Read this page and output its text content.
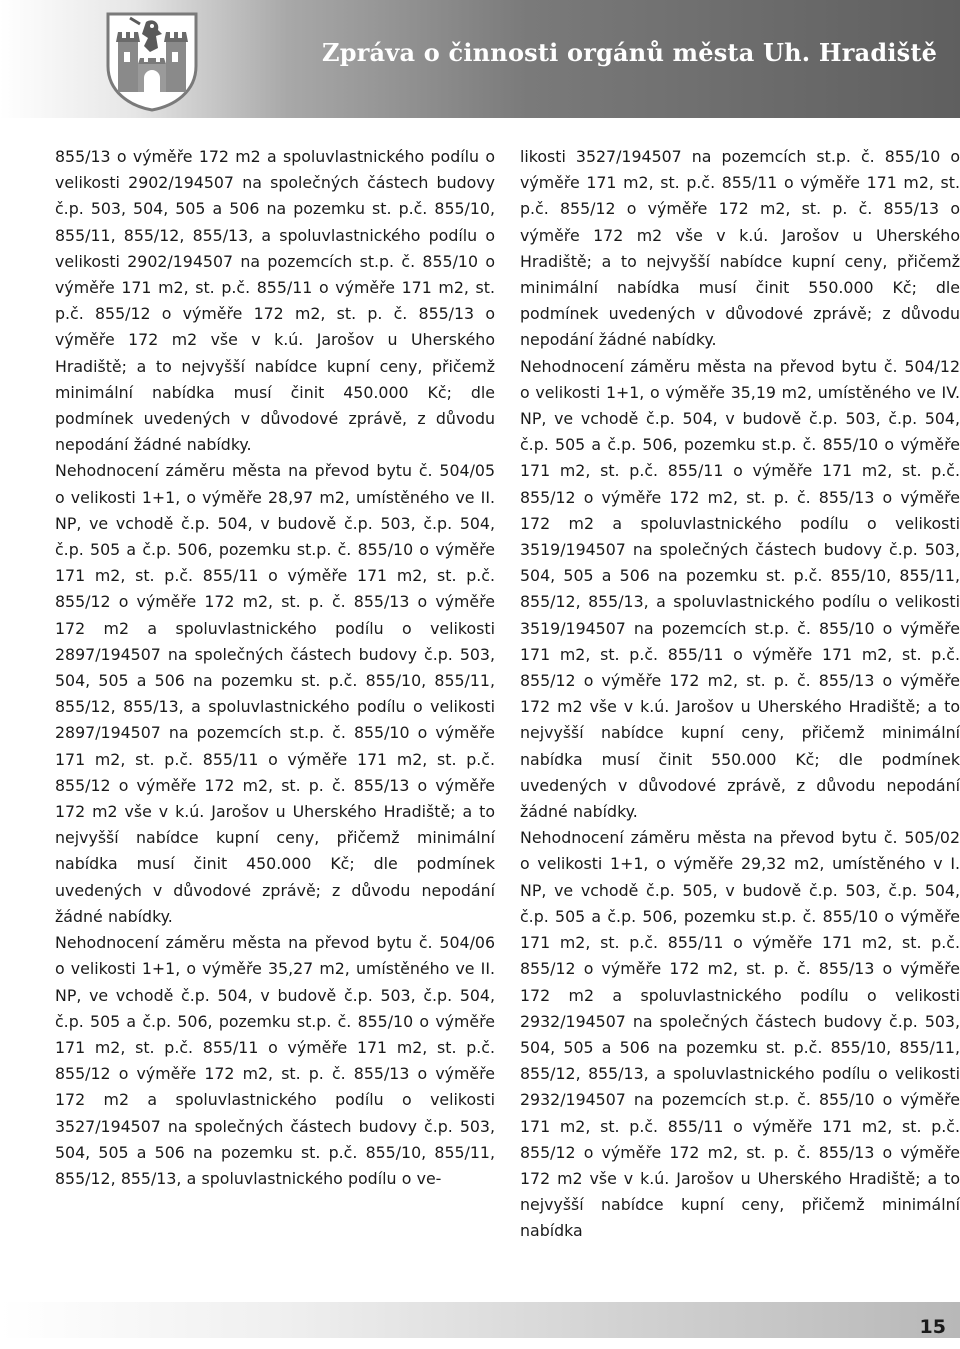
Zpráva o činnosti orgánů města Uh. Hradiště

855/13 o výměře 172 m2 a spoluvlastnického podílu o velikosti 2902/194507 na společných částech budovy č.p. 503, 504, 505 a 506 na pozemku st. p.č. 855/10, 855/11, 855/12, 855/13, a spoluvlastnického podílu o velikosti 2902/194507 na pozemcích st.p. č. 855/10 o výměře 171 m2, st. p.č. 855/11 o výměře 171 m2, st. p.č. 855/12 o výměře 172 m2, st. p. č. 855/13 o výměře 172 m2 vše v k.ú. Jarošov u Uherského Hradiště; a to nejvyšší nabídce kupní ceny, přičemž minimální nabídka musí činit 450.000 Kč; dle podmínek uvedených v důvodové zprávě, z důvodu nepodání žádné nabídky.

Nehodnocení záměru města na převod bytu č. 504/05 o velikosti 1+1, o výměře 28,97 m2, umístěného ve II. NP, ve vchodě č.p. 504, v budově č.p. 503, č.p. 504, č.p. 505 a č.p. 506, pozemku st.p. č. 855/10 o výměře 171 m2, st. p.č. 855/11 o výměře 171 m2, st. p.č. 855/12 o výměře 172 m2, st. p. č. 855/13 o výměře 172 m2 a spoluvlastnického podílu o velikosti 2897/194507 na společných částech budovy č.p. 503, 504, 505 a 506 na pozemku st. p.č. 855/10, 855/11, 855/12, 855/13, a spoluvlastnického podílu o velikosti 2897/194507 na pozemcích st.p. č. 855/10 o výměře 171 m2, st. p.č. 855/11 o výměře 171 m2, st. p.č. 855/12 o výměře 172 m2, st. p. č. 855/13 o výměře 172 m2 vše v k.ú. Jarošov u Uherského Hradiště; a to nejvyšší nabídce kupní ceny, přičemž minimální nabídka musí činit 450.000 Kč; dle podmínek uvedených v důvodové zprávě; z důvodu nepodání žádné nabídky.

Nehodnocení záměru města na převod bytu č. 504/06 o velikosti 1+1, o výměře 35,27 m2, umístěného ve II. NP, ve vchodě č.p. 504, v budově č.p. 503, č.p. 504, č.p. 505 a č.p. 506, pozemku st.p. č. 855/10 o výměře 171 m2, st. p.č. 855/11 o výměře 171 m2, st. p.č. 855/12 o výměře 172 m2, st. p. č. 855/13 o výměře 172 m2 a spoluvlastnického podílu o velikosti 3527/194507 na společných částech budovy č.p. 503, 504, 505 a 506 na pozemku st. p.č. 855/10, 855/11, 855/12, 855/13, a spoluvlastnického podílu o ve-

likosti 3527/194507 na pozemcích st.p. č. 855/10 o výměře 171 m2, st. p.č. 855/11 o výměře 171 m2, st. p.č. 855/12 o výměře 172 m2, st. p. č. 855/13 o výměře 172 m2 vše v k.ú. Jarošov u Uherského Hradiště; a to nejvyšší nabídce kupní ceny, přičemž minimální nabídka musí činit 550.000 Kč; dle podmínek uvedených v důvodové zprávě; z důvodu nepodání žádné nabídky.

Nehodnocení záměru města na převod bytu č. 504/12 o velikosti 1+1, o výměře 35,19 m2, umístěného ve IV. NP, ve vchodě č.p. 504, v budově č.p. 503, č.p. 504, č.p. 505 a č.p. 506, pozemku st.p. č. 855/10 o výměře 171 m2, st. p.č. 855/11 o výměře 171 m2, st. p.č. 855/12 o výměře 172 m2, st. p. č. 855/13 o výměře 172 m2 a spoluvlastnického podílu o velikosti 3519/194507 na společných částech budovy č.p. 503, 504, 505 a 506 na pozemku st. p.č. 855/10, 855/11, 855/12, 855/13, a spoluvlastnického podílu o velikosti 3519/194507 na pozemcích st.p. č. 855/10 o výměře 171 m2, st. p.č. 855/11 o výměře 171 m2, st. p.č. 855/12 o výměře 172 m2, st. p. č. 855/13 o výměře 172 m2 vše v k.ú. Jarošov u Uherského Hradiště; a to nejvyšší nabídce kupní ceny, přičemž minimální nabídka musí činit 550.000 Kč; dle podmínek uvedených v důvodové zprávě, z důvodu nepodání žádné nabídky.

Nehodnocení záměru města na převod bytu č. 505/02 o velikosti 1+1, o výměře 29,32 m2, umístěného v I. NP, ve vchodě č.p. 505, v budově č.p. 503, č.p. 504, č.p. 505 a č.p. 506, pozemku st.p. č. 855/10 o výměře 171 m2, st. p.č. 855/11 o výměře 171 m2, st. p.č. 855/12 o výměře 172 m2, st. p. č. 855/13 o výměře 172 m2 a spoluvlastnického podílu o velikosti 2932/194507 na společných částech budovy č.p. 503, 504, 505 a 506 na pozemku st. p.č. 855/10, 855/11, 855/12, 855/13, a spoluvlastnického podílu o velikosti 2932/194507 na pozemcích st.p. č. 855/10 o výměře 171 m2, st. p.č. 855/11 o výměře 171 m2, st. p.č. 855/12 o výměře 172 m2, st. p. č. 855/13 o výměře 172 m2 vše v k.ú. Jarošov u Uherského Hradiště; a to nejvyšší nabídce kupní ceny, přičemž minimální nabídka

15
